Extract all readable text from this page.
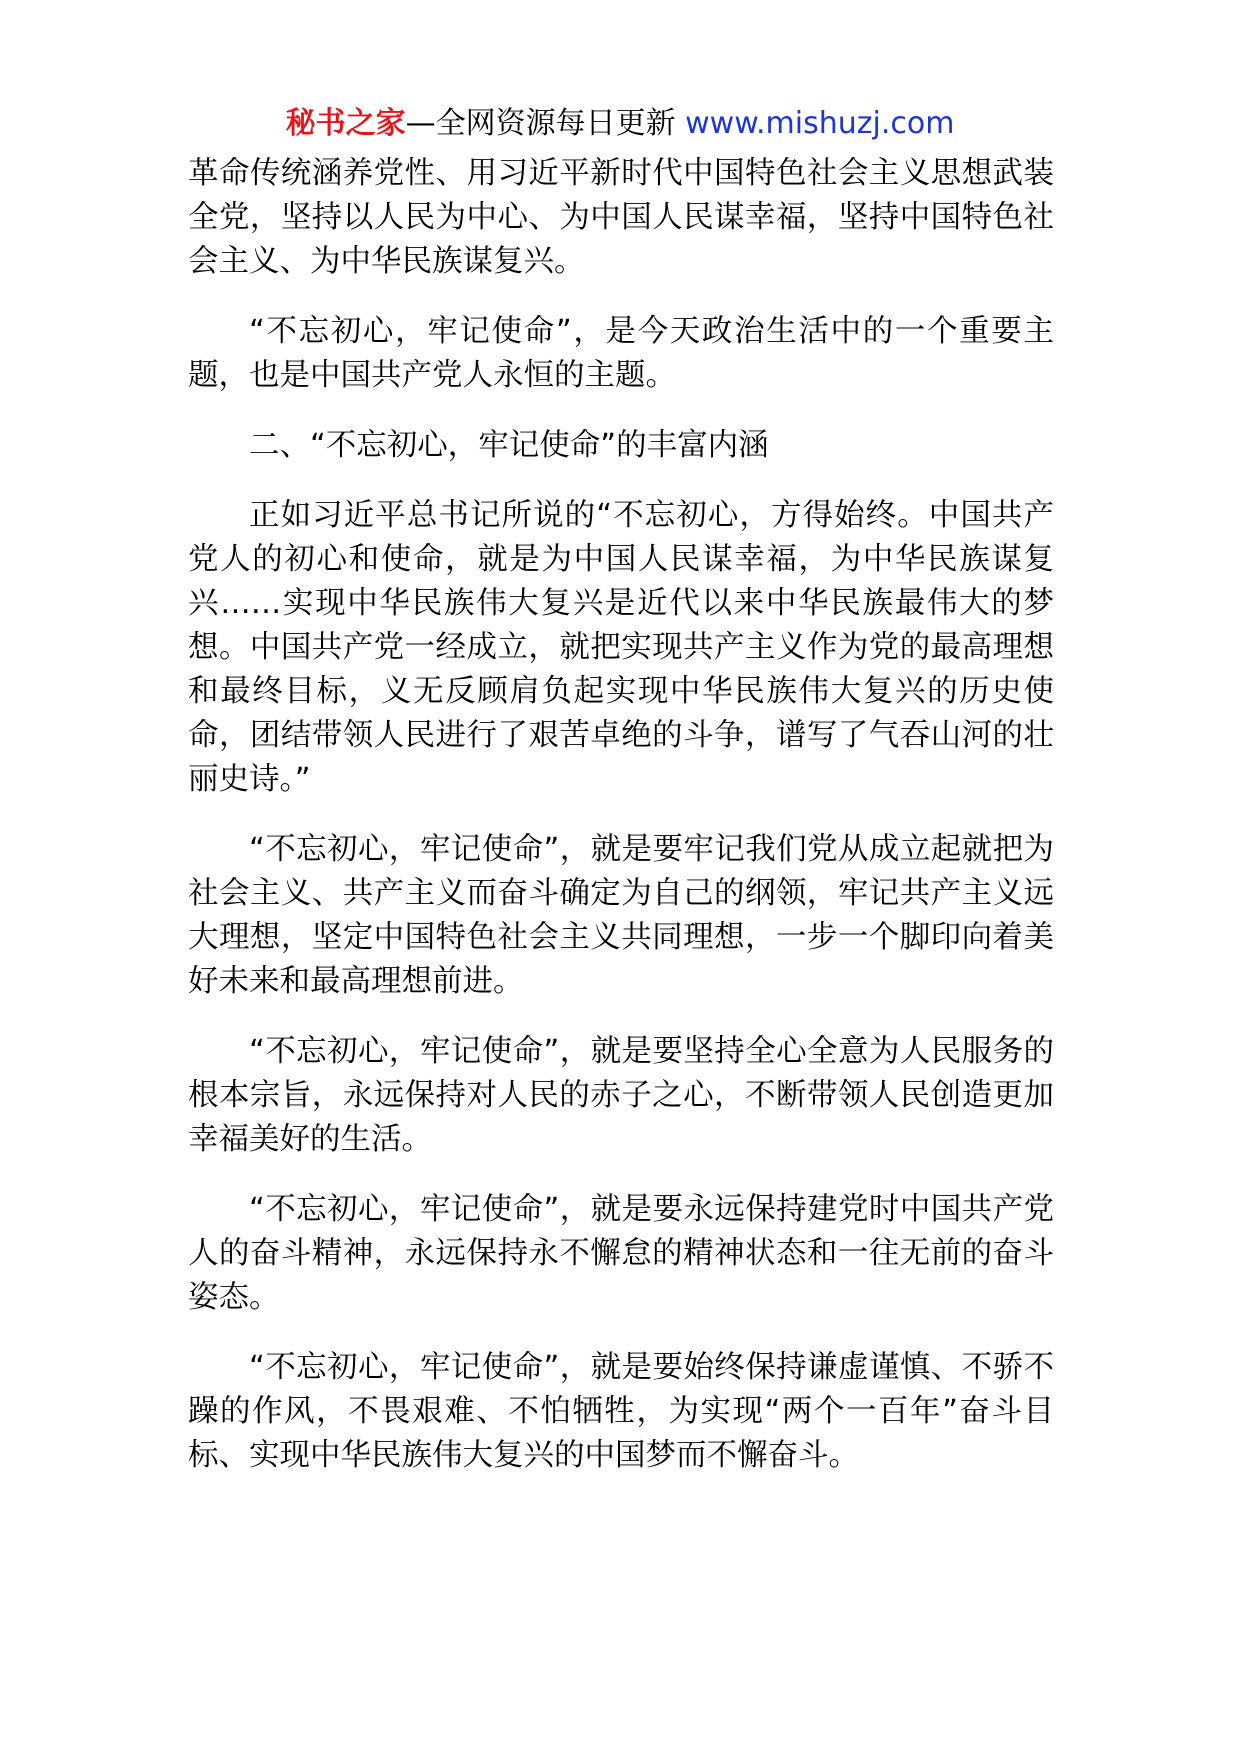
秘书之家—全网资源每日更新 www.mishuzj.com

革命传统涵养党性、用习近平新时代中国特色社会主义思想武装全党，坚持以人民为中心、为中国人民谋幸福，坚持中国特色社会主义、为中华民族谋复兴。

“不忘初心，牢记使命”，是今天政治生活中的一个重要主题，也是中国共产党人永恒的主题。

二、“不忘初心，牢记使命”的丰富内涵

正如习近平总书记所说的“不忘初心，方得始终。中国共产党人的初心和使命，就是为中国人民谋幸福，为中华民族谋复兴……实现中华民族伟大复兴是近代以来中华民族最伟大的梦想。中国共产党一经成立，就把实现共产主义作为党的最高理想和最终目标，义无反顾肩负起实现中华民族伟大复兴的历史使命，团结带领人民进行了艰苦卓绝的斗争，谱写了气吞山河的壮丽史诗。”

“不忘初心，牢记使命”，就是要牢记我们党从成立起就把为社会主义、共产主义而奋斗确定为自己的纲领，牢记共产主义远大理想，坚定中国特色社会主义共同理想，一步一个脚印向着美好未来和最高理想前进。

“不忘初心，牢记使命”，就是要坚持全心全意为人民服务的根本宗旨，永远保持对人民的赤子之心，不断带领人民创造更加幸福美好的生活。

“不忘初心，牢记使命”，就是要永远保持建党时中国共产党人的奋斗精神，永远保持永不懈怠的精神状态和一往无前的奋斗姿态。

“不忘初心，牢记使命”，就是要始终保持谦虚谨慎、不骄不躁的作风，不畏艰难、不怕牺牲，为实现“两个一百年”奋斗目标、实现中华民族伟大复兴的中国梦而不懈奋斗。
